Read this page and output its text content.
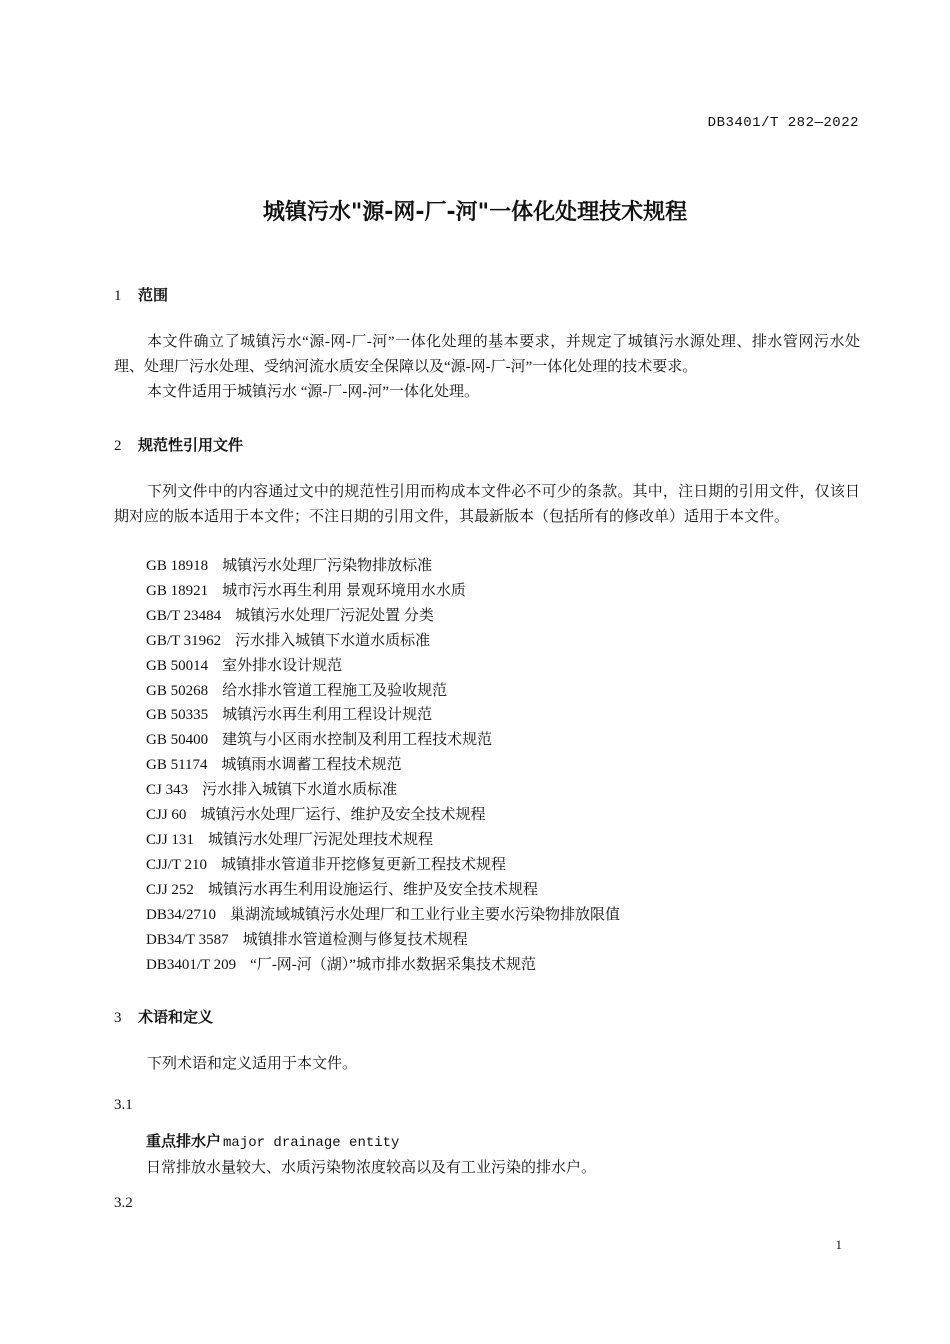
DB3401/T 282—2022
城镇污水"源-网-厂-河"一体化处理技术规程
1 范围
本文件确立了城镇污水“源-网-厂-河”一体化处理的基本要求，并规定了城镇污水源处理、排水管网污水处理、处理厂污水处理、受纳河流水质安全保障以及“源-网-厂-河”一体化处理的技术要求。
本文件适用于城镇污水 “源-厂-网-河”一体化处理。
2 规范性引用文件
下列文件中的内容通过文中的规范性引用而构成本文件必不可少的条款。其中，注日期的引用文件，仅该日期对应的版本适用于本文件；不注日期的引用文件，其最新版本（包括所有的修改单）适用于本文件。
GB 18918 城镇污水处理厂污染物排放标准
GB 18921 城市污水再生利用 景观环境用水水质
GB/T 23484 城镇污水处理厂污泥处置 分类
GB/T 31962 污水排入城镇下水道水质标准
GB 50014 室外排水设计规范
GB 50268 给水排水管道工程施工及验收规范
GB 50335 城镇污水再生利用工程设计规范
GB 50400 建筑与小区雨水控制及利用工程技术规范
GB 51174 城镇雨水调蓄工程技术规范
CJ 343 污水排入城镇下水道水质标准
CJJ 60 城镇污水处理厂运行、维护及安全技术规程
CJJ 131 城镇污水处理厂污泥处理技术规程
CJJ/T 210 城镇排水管道非开挖修复更新工程技术规程
CJJ 252 城镇污水再生利用设施运行、维护及安全技术规程
DB34/2710 巢湖流域城镇污水处理厂和工业行业主要水污染物排放限值
DB34/T 3587 城镇排水管道检测与修复技术规程
DB3401/T 209 “厂-网-河（湖）”城市排水数据采集技术规范
3 术语和定义
下列术语和定义适用于本文件。
3.1
重点排水户 major drainage entity
日常排放水量较大、水质污染物浓度较高以及有工业污染的排水户。
3.2
1
